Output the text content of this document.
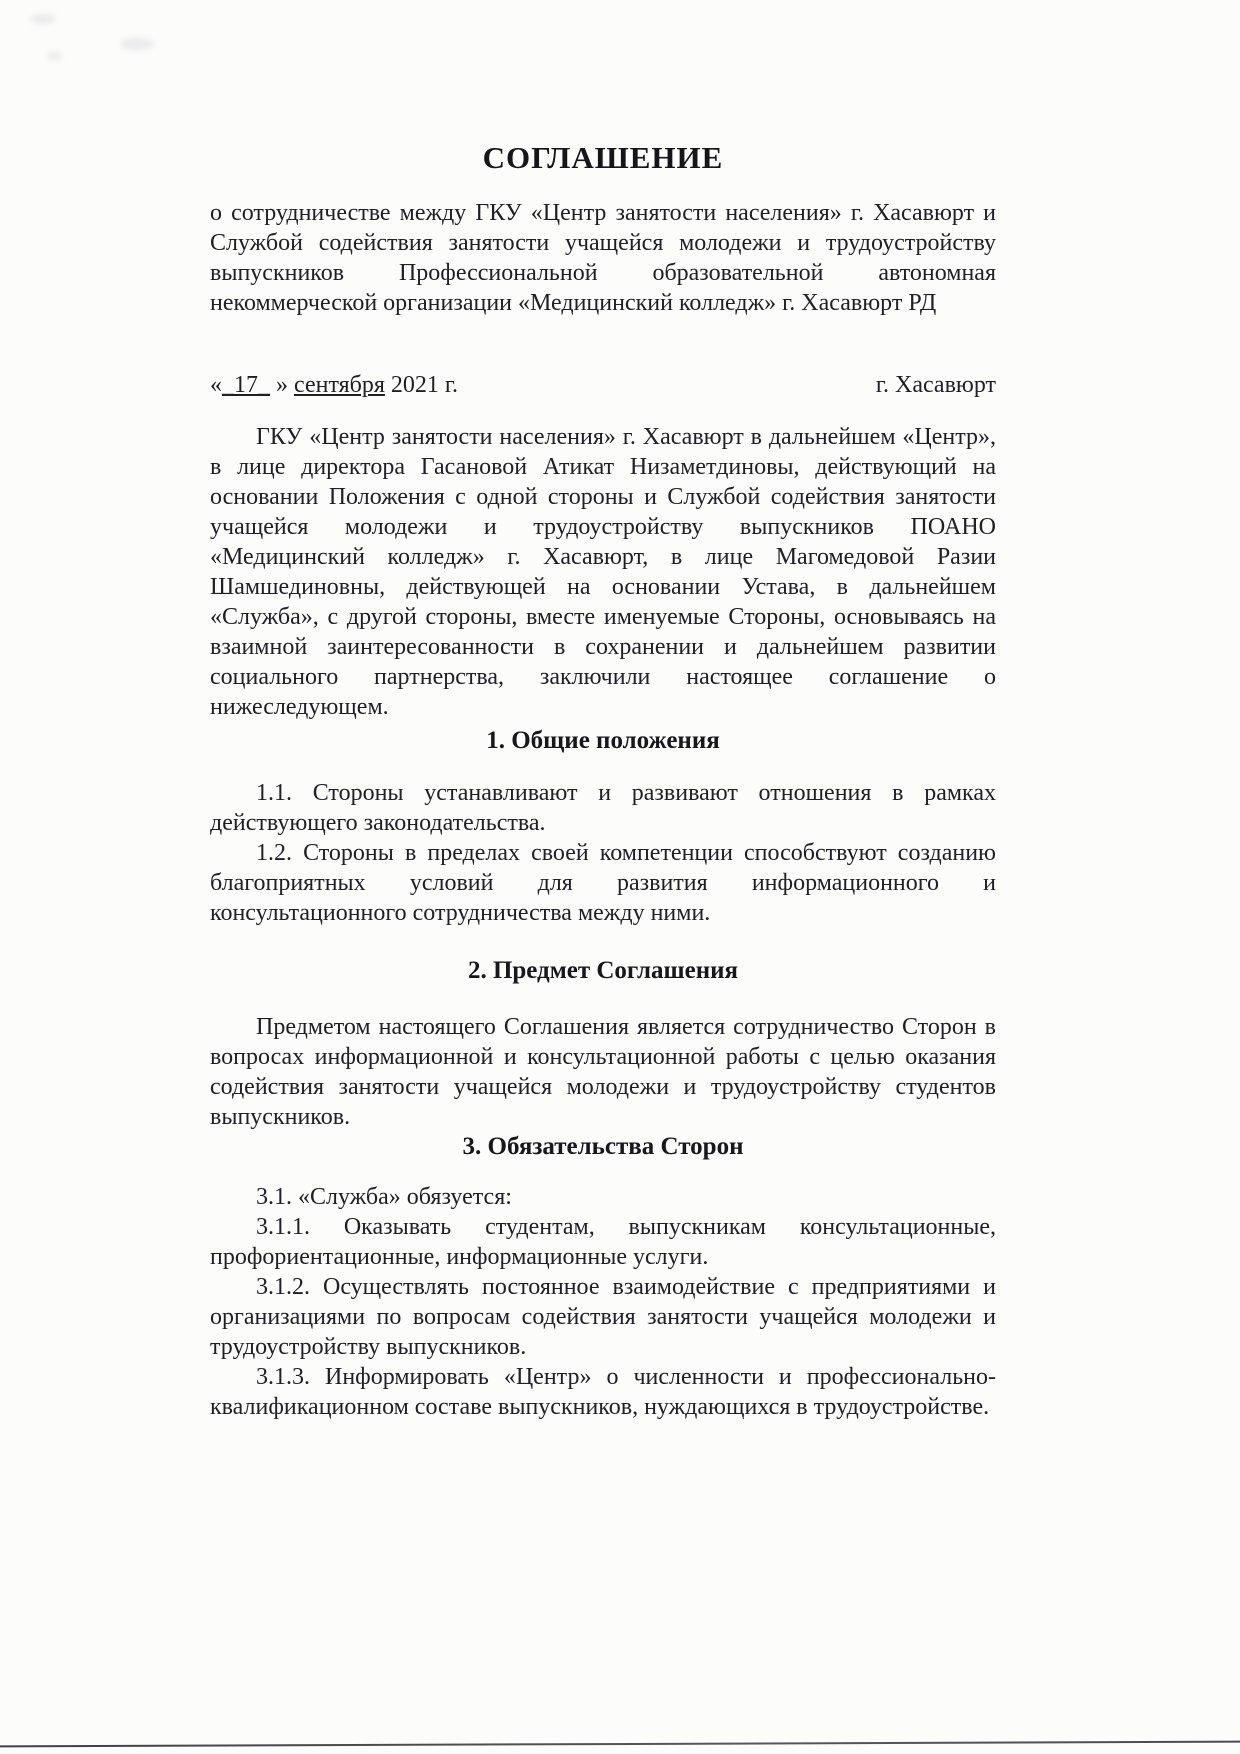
СОГЛАШЕНИЕ

о сотрудничестве между ГКУ «Центр занятости населения» г. Хасавюрт и Службой содействия занятости учащейся молодежи и трудоустройству выпускников Профессиональной образовательной автономная некоммерческой организации «Медицинский колледж» г. Хасавюрт РД

«_17_ » сентября 2021 г.	г. Хасавюрт

ГКУ «Центр занятости населения» г. Хасавюрт в дальнейшем «Центр», в лице директора Гасановой Атикат Низаметдиновы, действующий на основании Положения с одной стороны и Службой содействия занятости учащейся молодежи и трудоустройству выпускников ПОАНО «Медицинский колледж» г. Хасавюрт, в лице Магомедовой Разии Шамшединовны, действующей на основании Устава, в дальнейшем «Служба», с другой стороны, вместе именуемые Стороны, основываясь на взаимной заинтересованности в сохранении и дальнейшем развитии социального партнерства, заключили настоящее соглашение о нижеследующем.

1. Общие положения

1.1. Стороны устанавливают и развивают отношения в рамках действующего законодательства.

1.2. Стороны в пределах своей компетенции способствуют созданию благоприятных условий для развития информационного и консультационного сотрудничества между ними.

2. Предмет Соглашения

Предметом настоящего Соглашения является сотрудничество Сторон в вопросах информационной и консультационной работы с целью оказания содействия занятости учащейся молодежи и трудоустройству студентов выпускников.

3. Обязательства Сторон

3.1. «Служба» обязуется:

3.1.1. Оказывать студентам, выпускникам консультационные, профориентационные, информационные услуги.

3.1.2. Осуществлять постоянное взаимодействие с предприятиями и организациями по вопросам содействия занятости учащейся молодежи и трудоустройству выпускников.

3.1.3. Информировать «Центр» о численности и профессионально-квалификационном составе выпускников, нуждающихся в трудоустройстве.
